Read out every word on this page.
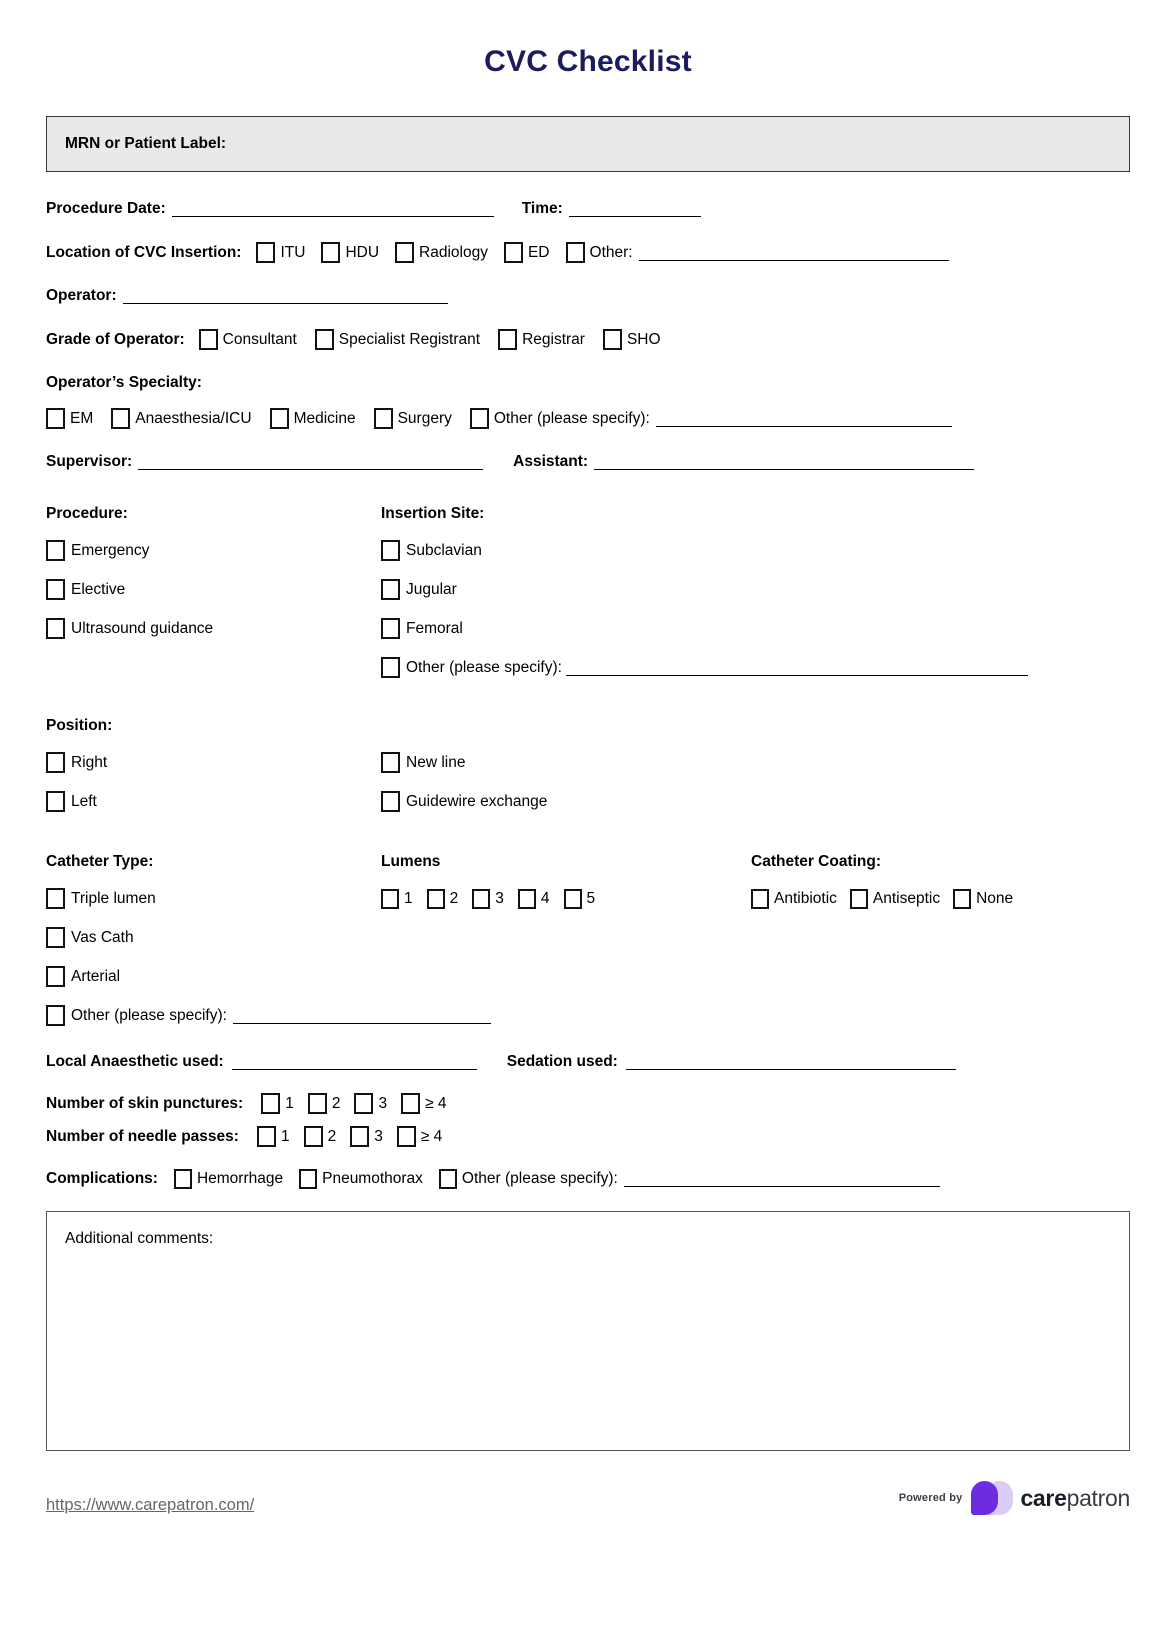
CVC Checklist
MRN or Patient Label:
Procedure Date:	Time:
Location of CVC Insertion:	ITU	HDU	Radiology	ED	Other:
Operator:
Grade of Operator: Consultant	Specialist Registrant	Registrar	SHO
Operator’s Specialty:
EM	Anaesthesia/ICU	Medicine	Surgery	Other (please specify):
Supervisor:	Assistant:
Procedure:
Emergency
Elective
Ultrasound guidance
Insertion Site:
Subclavian
Jugular
Femoral
Other (please specify):
Position:
Right
Left
New line
Guidewire exchange
Catheter Type:
Triple lumen
Vas Cath
Arterial
Other (please specify):
Lumens
1 2 3 4 5
Catheter Coating:
Antibiotic Antiseptic None
Local Anaesthetic used:	Sedation used:
Number of skin punctures:	1 2 3 ≥ 4
Number of needle passes:	1 2 3 ≥ 4
Complications:	Hemorrhage	Pneumothorax	Other (please specify):
Additional comments:
https://www.carepatron.com/	Powered by	carepatron
